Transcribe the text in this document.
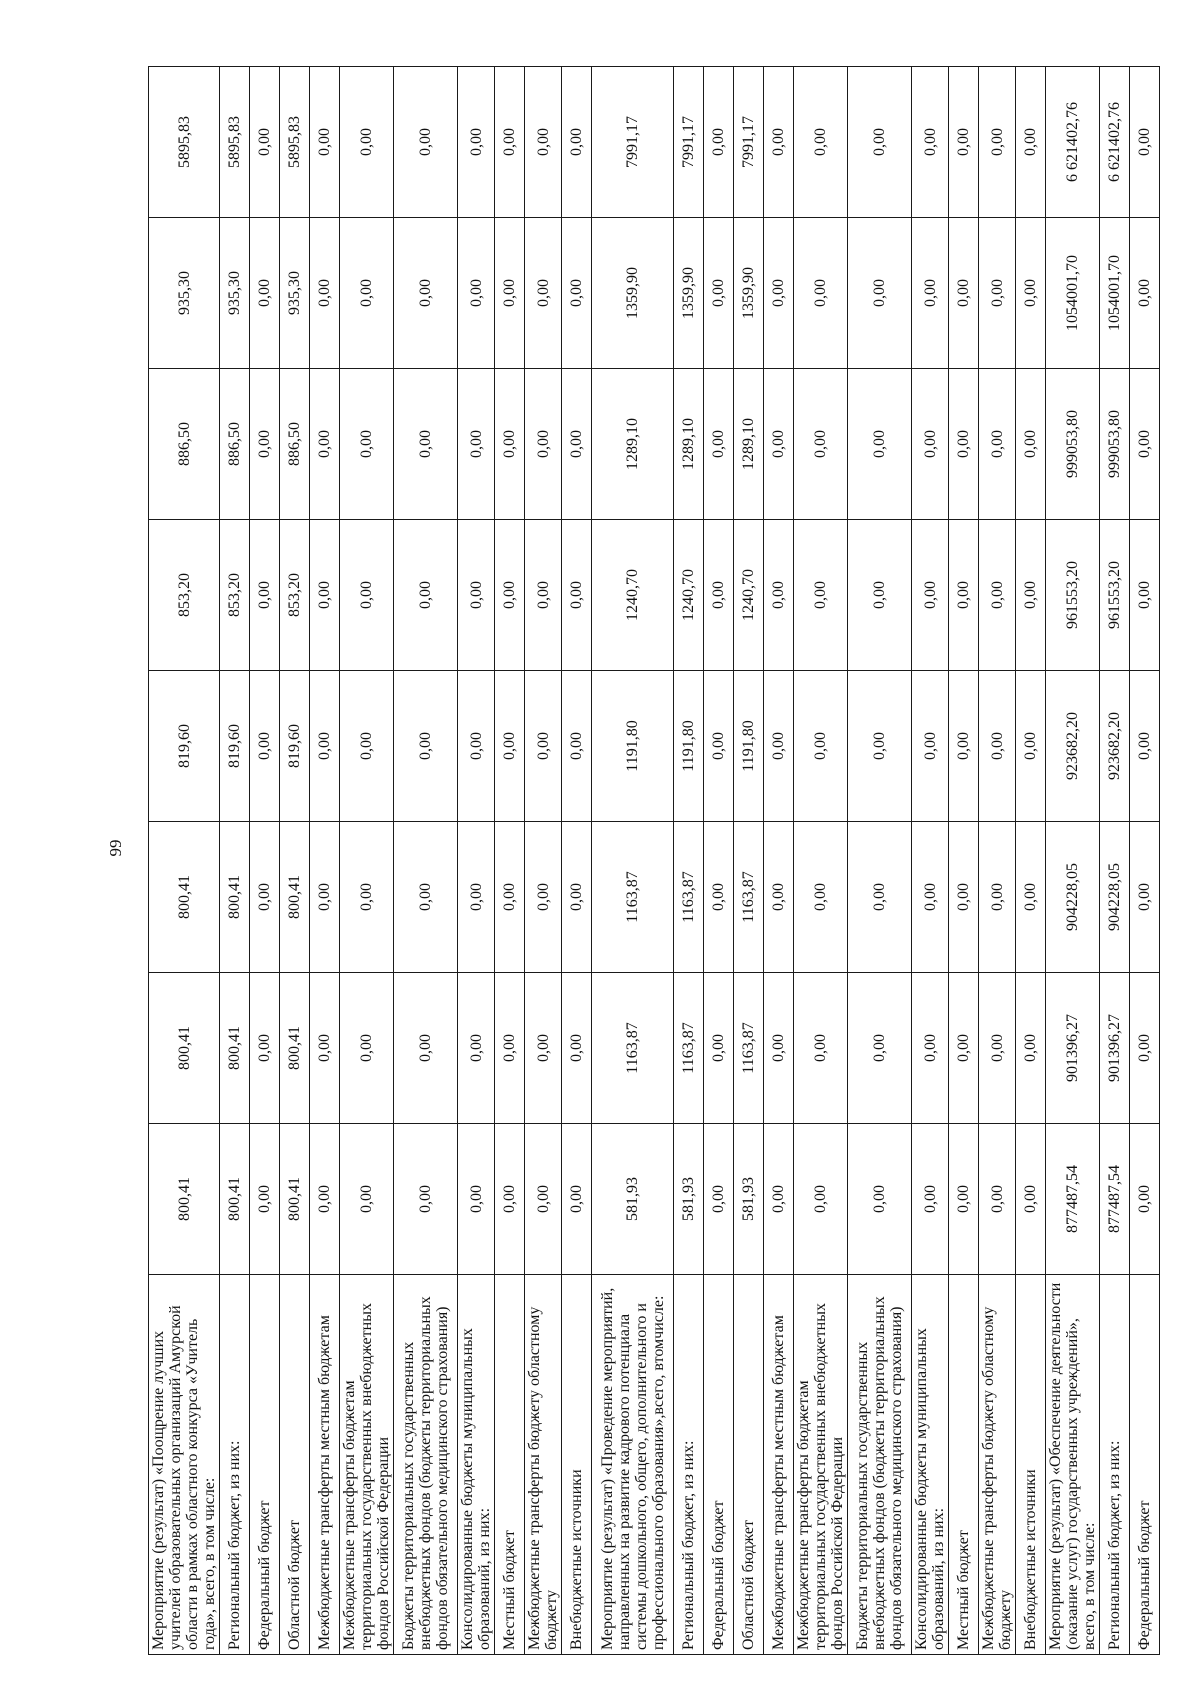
99
Мероприятие (результат) «Поощрение лучших учителей образовательных организаций Амурской области в рамках областного конкурса «Учитель года», всего, в том числе:	800,41	800,41	800,41	819,60	853,20	886,50	935,30	5895,83
Региональный бюджет, из них:	800,41	800,41	800,41	819,60	853,20	886,50	935,30	5895,83
Федеральный бюджет	0,00	0,00	0,00	0,00	0,00	0,00	0,00	0,00
Областной бюджет	800,41	800,41	800,41	819,60	853,20	886,50	935,30	5895,83
Межбюджетные трансферты местным бюджетам	0,00	0,00	0,00	0,00	0,00	0,00	0,00	0,00
Межбюджетные трансферты бюджетам территориальных государственных внебюджетных фондов Российской Федерации	0,00	0,00	0,00	0,00	0,00	0,00	0,00	0,00
Бюджеты территориальных государственных внебюджетных фондов (бюджеты территориальных фондов обязательного медицинского страхования)	0,00	0,00	0,00	0,00	0,00	0,00	0,00	0,00
Консолидированные бюджеты муниципальных образований, из них:	0,00	0,00	0,00	0,00	0,00	0,00	0,00	0,00
Местный бюджет	0,00	0,00	0,00	0,00	0,00	0,00	0,00	0,00
Межбюджетные трансферты бюджету областному бюджету	0,00	0,00	0,00	0,00	0,00	0,00	0,00	0,00
Внебюджетные источники	0,00	0,00	0,00	0,00	0,00	0,00	0,00	0,00
Мероприятие (результат) «Проведение мероприятий, направленных на развитие кадрового потенциала системы дошкольного, общего, дополнительного и профессионального образования»,всего, втомчисле:	581,93	1163,87	1163,87	1191,80	1240,70	1289,10	1359,90	7991,17
Региональный бюджет, из них:	581,93	1163,87	1163,87	1191,80	1240,70	1289,10	1359,90	7991,17
Федеральный бюджет	0,00	0,00	0,00	0,00	0,00	0,00	0,00	0,00
Областной бюджет	581,93	1163,87	1163,87	1191,80	1240,70	1289,10	1359,90	7991,17
Межбюджетные трансферты местным бюджетам	0,00	0,00	0,00	0,00	0,00	0,00	0,00	0,00
Межбюджетные трансферты бюджетам территориальных государственных внебюджетных фондов Российской Федерации	0,00	0,00	0,00	0,00	0,00	0,00	0,00	0,00
Бюджеты территориальных государственных внебюджетных фондов (бюджеты территориальных фондов обязательного медицинского страхования)	0,00	0,00	0,00	0,00	0,00	0,00	0,00	0,00
Консолидированные бюджеты муниципальных образований, из них:	0,00	0,00	0,00	0,00	0,00	0,00	0,00	0,00
Местный бюджет	0,00	0,00	0,00	0,00	0,00	0,00	0,00	0,00
Межбюджетные трансферты бюджету областному бюджету	0,00	0,00	0,00	0,00	0,00	0,00	0,00	0,00
Внебюджетные источники	0,00	0,00	0,00	0,00	0,00	0,00	0,00	0,00
Мероприятие (результат) «Обеспечение деятельности (оказание услуг) государственных учреждений», всего, в том числе:	877487,54	901396,27	904228,05	923682,20	961553,20	999053,80	1054001,70	6 621402,76
Региональный бюджет, из них:	877487,54	901396,27	904228,05	923682,20	961553,20	999053,80	1054001,70	6 621402,76
Федеральный бюджет	0,00	0,00	0,00	0,00	0,00	0,00	0,00	0,00
